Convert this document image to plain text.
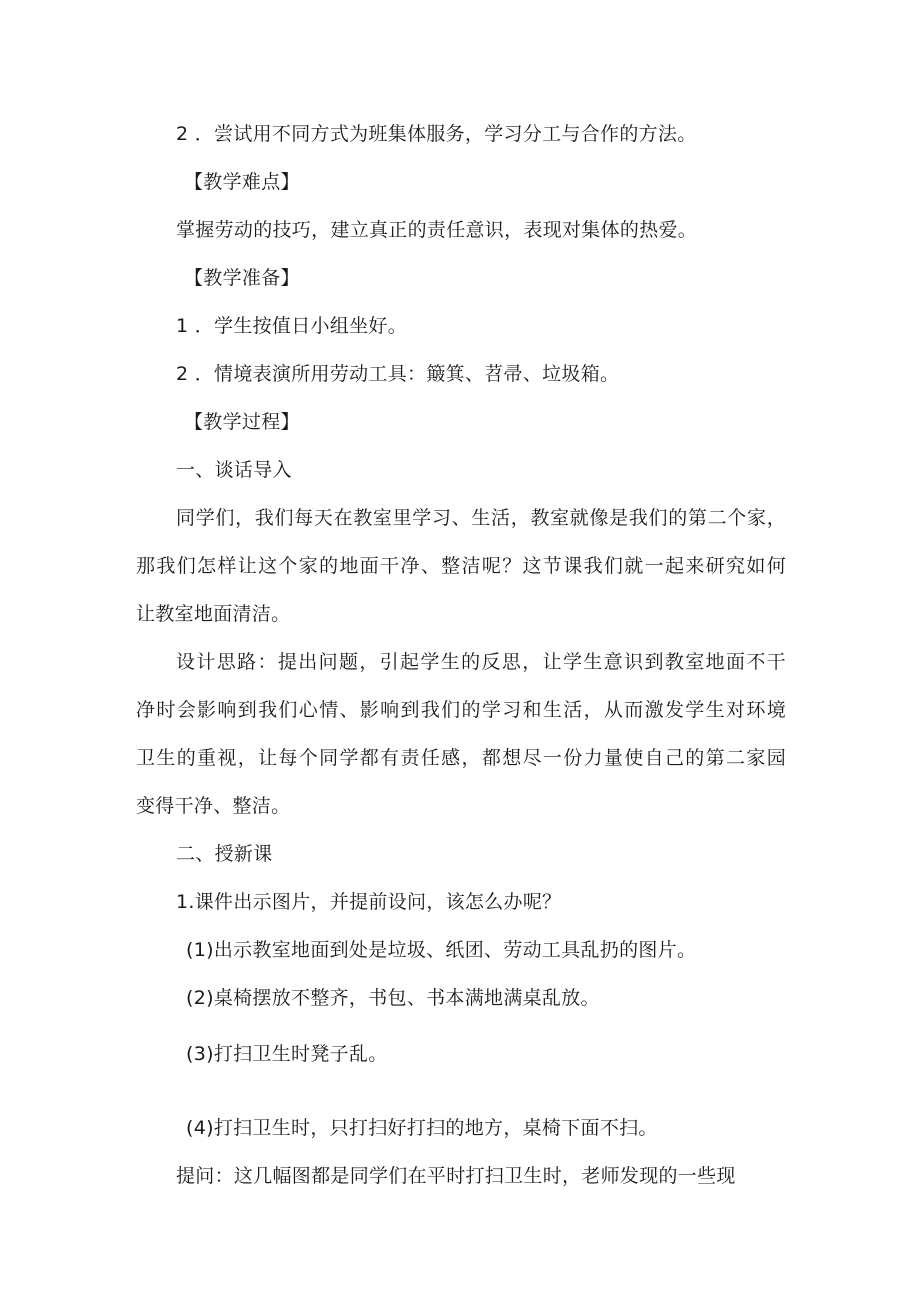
2 ．尝试用不同方式为班集体服务，学习分工与合作的方法。
【教学难点】
掌握劳动的技巧，建立真正的责任意识，表现对集体的热爱。
【教学准备】
1 ．学生按值日小组坐好。
2 ．情境表演所用劳动工具：簸箕、苕帚、垃圾箱。
【教学过程】
一、谈话导入
同学们，我们每天在教室里学习、生活，教室就像是我们的第二个家，
那我们怎样让这个家的地面干净、整洁呢？这节课我们就一起来研究如何
让教室地面清洁。
设计思路：提出问题，引起学生的反思，让学生意识到教室地面不干
净时会影响到我们心情、影响到我们的学习和生活，从而激发学生对环境
卫生的重视，让每个同学都有责任感，都想尽一份力量使自己的第二家园
变得干净、整洁。
二、授新课
1.课件出示图片，并提前设问，该怎么办呢？
(1)出示教室地面到处是垃圾、纸团、劳动工具乱扔的图片。
(2)桌椅摆放不整齐，书包、书本满地满桌乱放。
(3)打扫卫生时凳子乱。
(4)打扫卫生时，只打扫好打扫的地方，桌椅下面不扫。
提问：这几幅图都是同学们在平时打扫卫生时，老师发现的一些现
